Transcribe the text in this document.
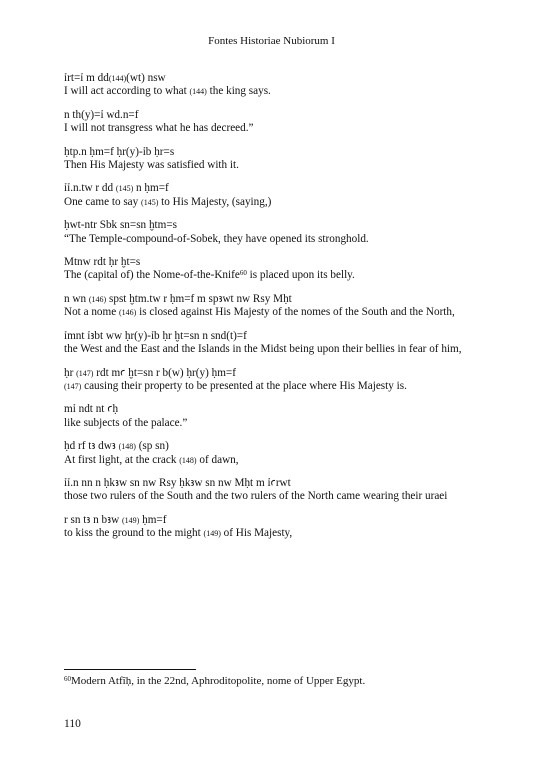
Fontes Historiae Nubiorum I
ỉrt=ỉ m dd(144)(wt) nsw
I will act according to what (144) the king says.
n th(y)=ỉ wd.n=f
I will not transgress what he has decreed.”
ḥtp.n ḥm=f ḥr(y)-ỉb ḥr=s
Then His Majesty was satisfied with it.
ỉỉ.n.tw r dd (145) n ḥm=f
One came to say (145) to His Majesty, (saying,)
ḥwt-ntr Sbk sn=sn ḫtm=s
“The Temple-compound-of-Sobek, they have opened its stronghold.
Mtnw rdt ḥr ḫt=s
The (capital of) the Nome-of-the-Knife$^{60}$ is placed upon its belly.
n wn (146) spst ḫtm.tw r ḥm=f m spꜣwt nw Rsy Mḥt
Not a nome (146) is closed against His Majesty of the nomes of the South and the North,
ỉmnt ỉꜣbt ww ḥr(y)-ỉb ḥr ḫt=sn n snd(t)=f
the West and the East and the Islands in the Midst being upon their bellies in fear of him,
ḥr (147) rdt mꜥ ḫt=sn r b(w) ḥr(y) ḥm=f
(147) causing their property to be presented at the place where His Majesty is.
mỉ ndt nt ꜥḥ
like subjects of the palace.”
ḥd rf tꜣ dwꜣ (148) (sp sn)
At first light, at the crack (148) of dawn,
ỉỉ.n nn n ḥkꜣw sn nw Rsy ḥkꜣw sn nw Mḥt m ỉꜥrwt
those two rulers of the South and the two rulers of the North came wearing their uraei
r sn tꜣ n bꜣw (149) ḥm=f
to kiss the ground to the might (149) of His Majesty,
$^{60}$Modern Atfîḥ, in the 22nd, Aphroditopolite, nome of Upper Egypt.
110
